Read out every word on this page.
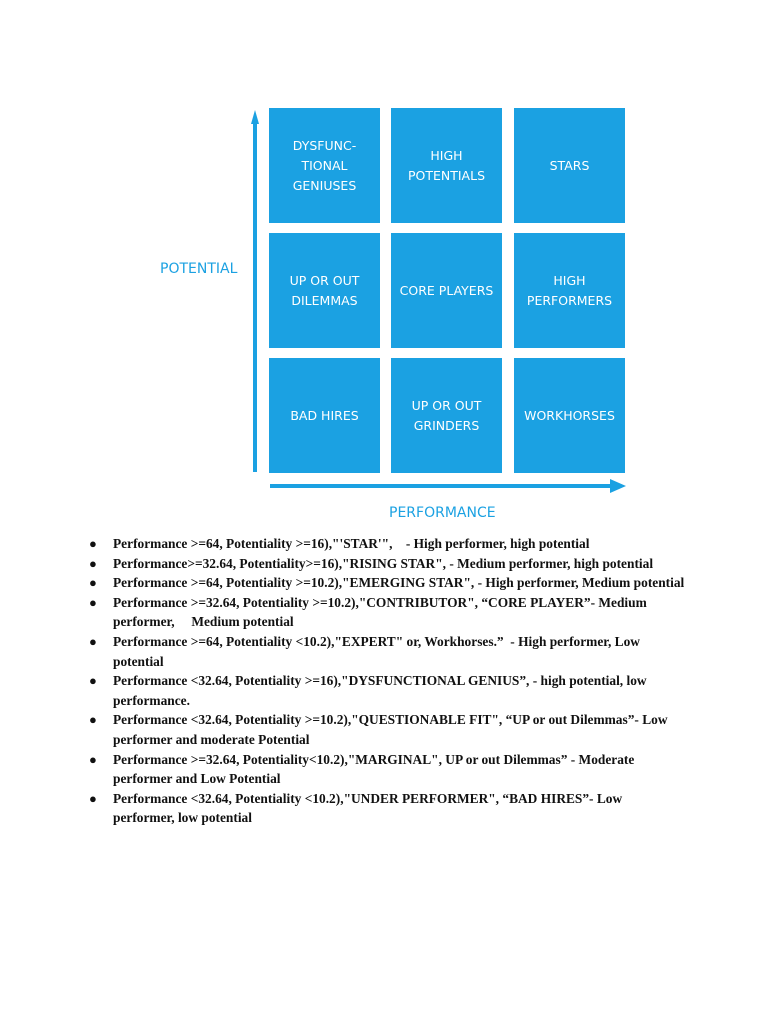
POTENTIAL
DYSFUNC-
TIONAL
GENIUSES
HIGH
POTENTIALS
STARS
UP OR OUT
DILEMMAS
CORE PLAYERS
HIGH
PERFORMERS
BAD HIRES
UP OR OUT
GRINDERS
WORKHORSES
PERFORMANCE
● Performance >=64, Potentiality >=16),"'STAR'",    - High performer, high potential
● Performance>=32.64, Potentiality>=16),"RISING STAR", - Medium performer, high potential
● Performance >=64, Potentiality >=10.2),"EMERGING STAR", - High performer, Medium potential
● Performance >=32.64, Potentiality >=10.2),"CONTRIBUTOR", “CORE PLAYER”- Medium performer,     Medium potential
● Performance >=64, Potentiality <10.2),"EXPERT" or, Workhorses.”  - High performer, Low potential
● Performance <32.64, Potentiality >=16),"DYSFUNCTIONAL GENIUS”, - high potential, low performance.
● Performance <32.64, Potentiality >=10.2),"QUESTIONABLE FIT", “UP or out Dilemmas”- Low performer and moderate Potential
● Performance >=32.64, Potentiality<10.2),"MARGINAL", UP or out Dilemmas” - Moderate performer and Low Potential
● Performance <32.64, Potentiality <10.2),"UNDER PERFORMER", “BAD HIRES”- Low performer, low potential
